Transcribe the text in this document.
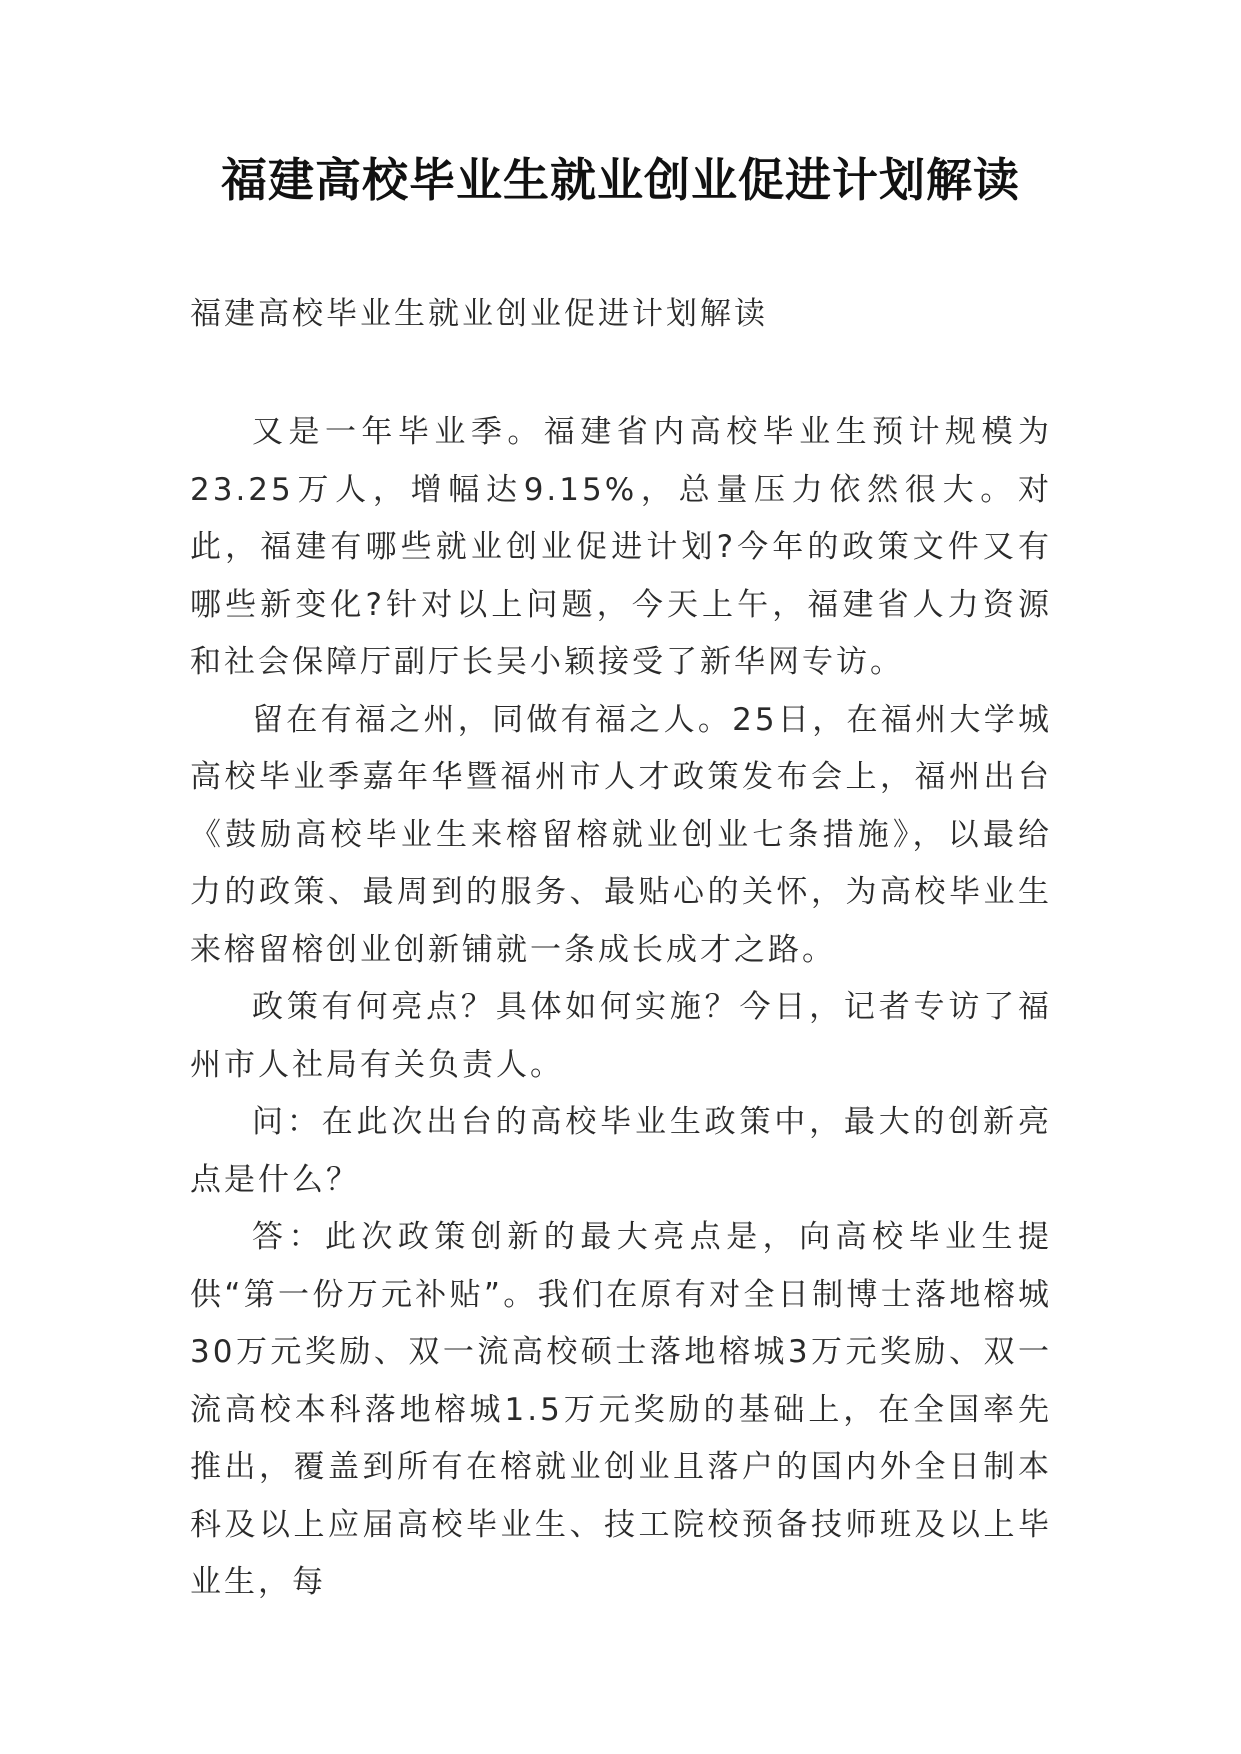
福建高校毕业生就业创业促进计划解读
福建高校毕业生就业创业促进计划解读

又是一年毕业季。福建省内高校毕业生预计规模为23.25万人，增幅达9.15%，总量压力依然很大。对此，福建有哪些就业创业促进计划?今年的政策文件又有哪些新变化?针对以上问题，今天上午，福建省人力资源和社会保障厅副厅长吴小颖接受了新华网专访。

留在有福之州，同做有福之人。25日，在福州大学城高校毕业季嘉年华暨福州市人才政策发布会上，福州出台《鼓励高校毕业生来榕留榕就业创业七条措施》，以最给力的政策、最周到的服务、最贴心的关怀，为高校毕业生来榕留榕创业创新铺就一条成长成才之路。

政策有何亮点？具体如何实施？今日，记者专访了福州市人社局有关负责人。

问：在此次出台的高校毕业生政策中，最大的创新亮点是什么？

答：此次政策创新的最大亮点是，向高校毕业生提供“第一份万元补贴”。我们在原有对全日制博士落地榕城30万元奖励、双一流高校硕士落地榕城3万元奖励、双一流高校本科落地榕城1.5万元奖励的基础上，在全国率先推出，覆盖到所有在榕就业创业且落户的国内外全日制本科及以上应届高校毕业生、技工院校预备技师班及以上毕业生，每
